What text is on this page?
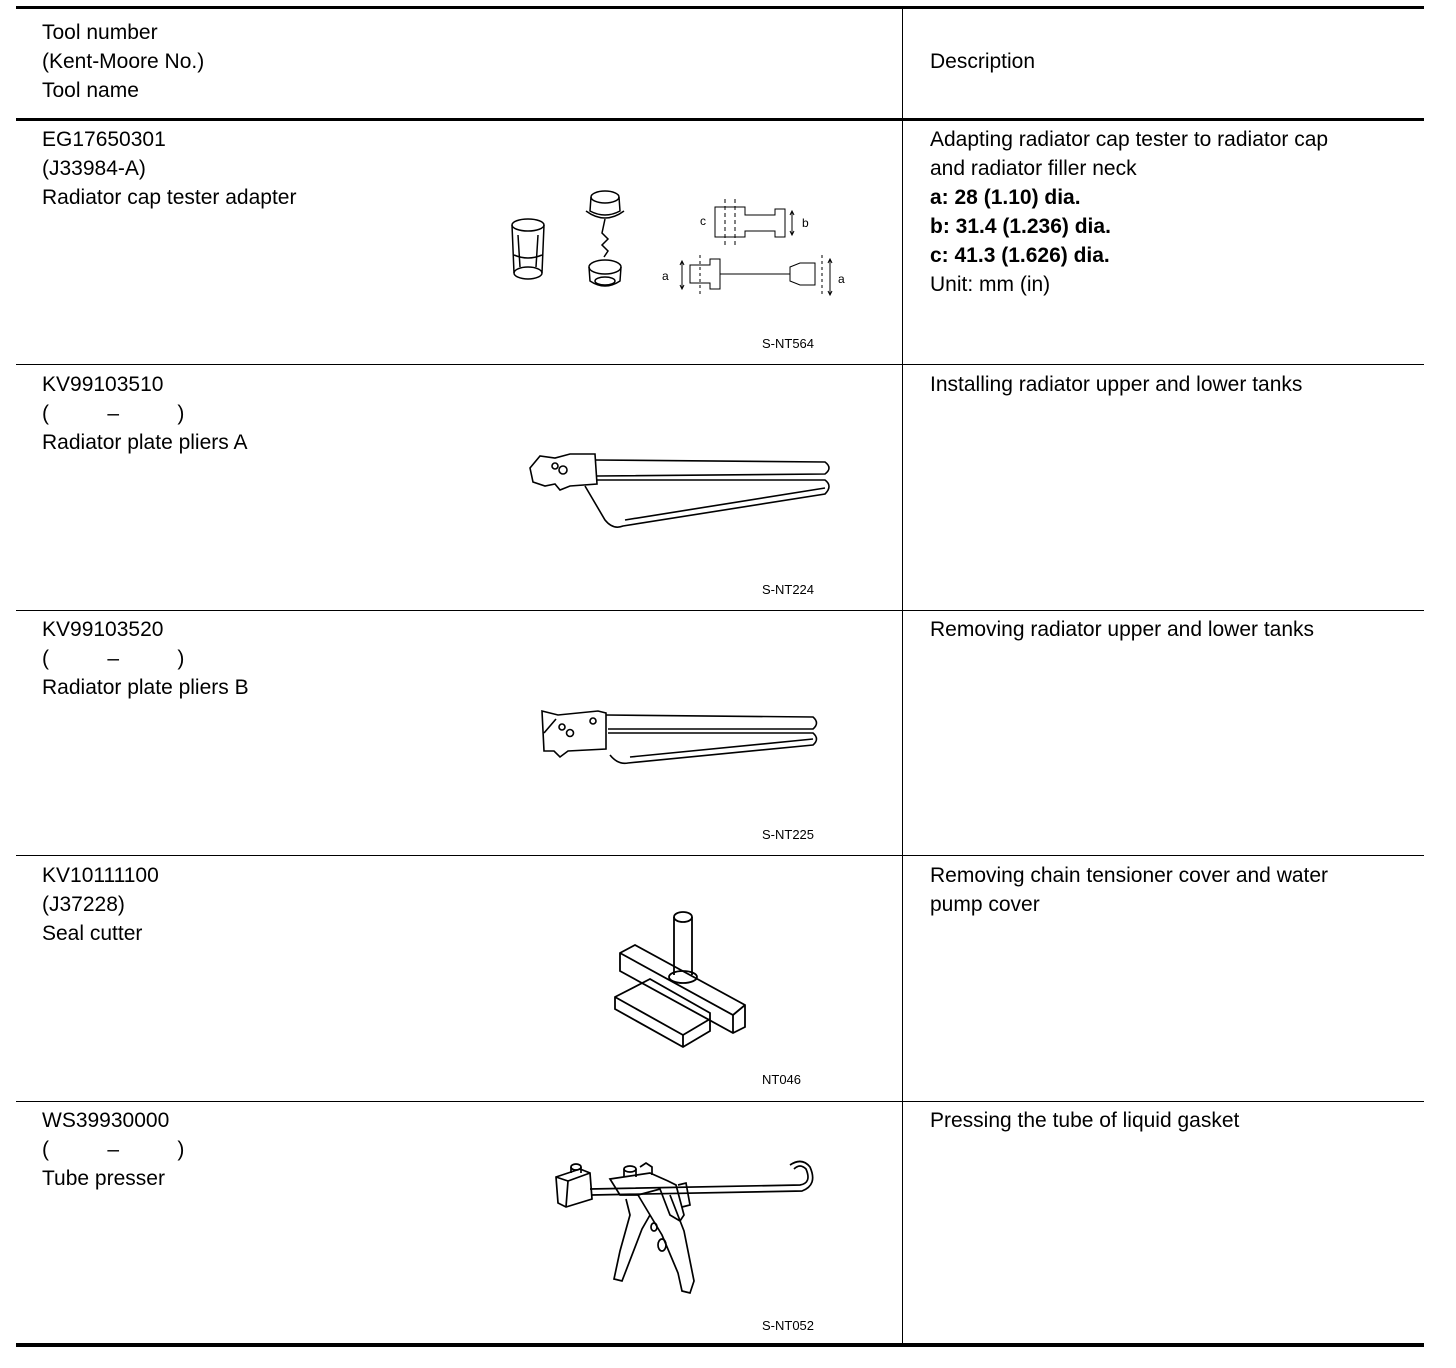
Tool number
(Kent-Moore No.)
Tool name
Description
EG17650301
(J33984-A)
Radiator cap tester adapter
Adapting radiator cap tester to radiator cap
and radiator filler neck
a: 28 (1.10) dia.
b: 31.4 (1.236) dia.
c: 41.3 (1.626) dia.
Unit: mm (in)
c	b
a	a
S-NT564
KV99103510
(          –          )
Radiator plate pliers A
Installing radiator upper and lower tanks
S-NT224
KV99103520
(          –          )
Radiator plate pliers B
Removing radiator upper and lower tanks
S-NT225
KV10111100
(J37228)
Seal cutter
Removing chain tensioner cover and water
pump cover
NT046
WS39930000
(          –          )
Tube presser
Pressing the tube of liquid gasket
S-NT052
